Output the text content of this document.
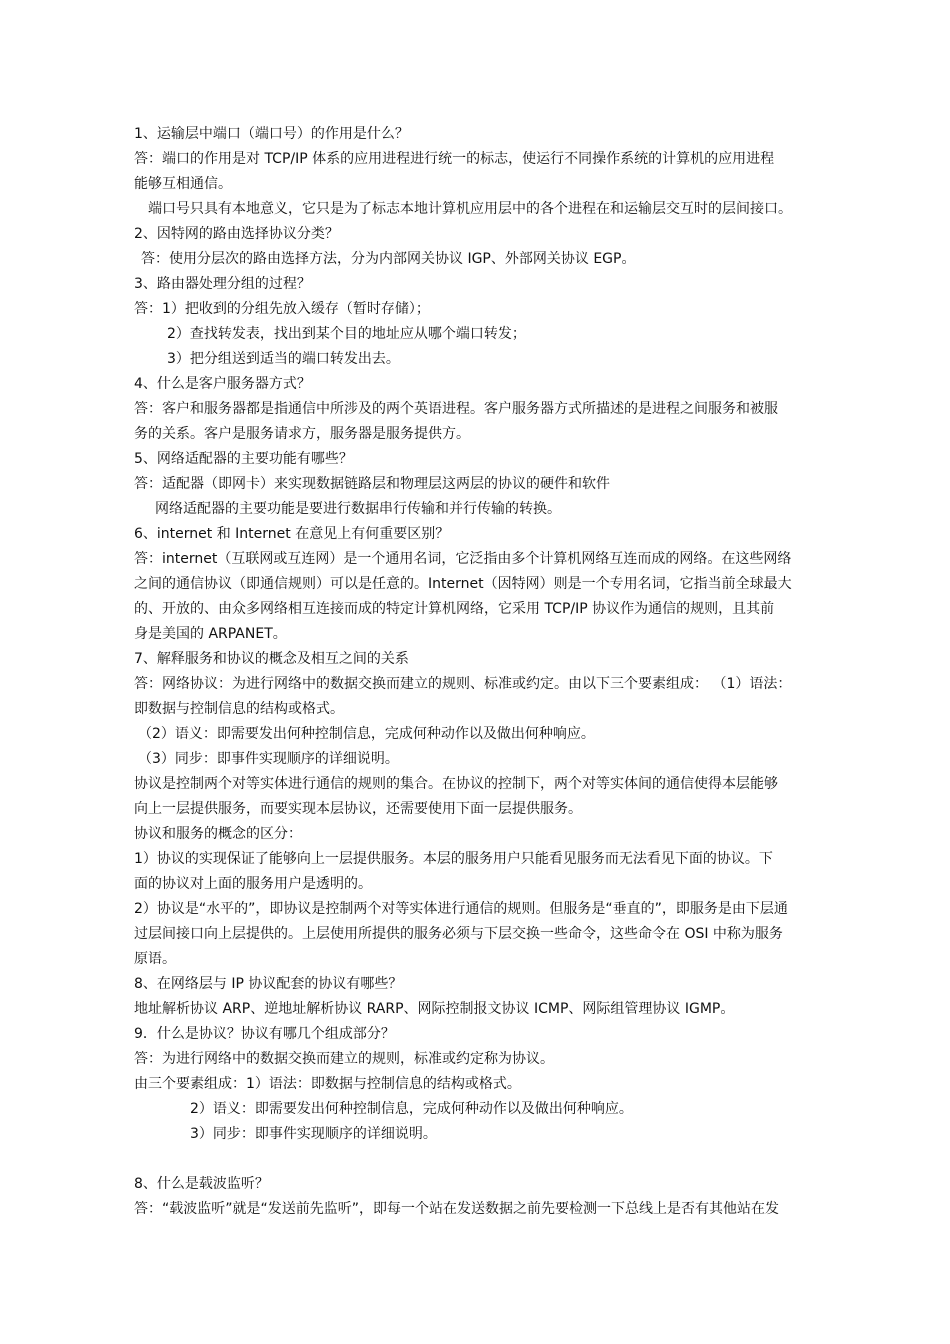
1、运输层中端口（端口号）的作用是什么？
答：端口的作用是对 TCP/IP 体系的应用进程进行统一的标志，使运行不同操作系统的计算机的应用进程
能够互相通信。
端口号只具有本地意义，它只是为了标志本地计算机应用层中的各个进程在和运输层交互时的层间接口。
2、因特网的路由选择协议分类？
答：使用分层次的路由选择方法，分为内部网关协议 IGP、外部网关协议 EGP。
3、路由器处理分组的过程？
答：1）把收到的分组先放入缓存（暂时存储）；
2）查找转发表，找出到某个目的地址应从哪个端口转发；
3）把分组送到适当的端口转发出去。
4、什么是客户服务器方式？
答：客户和服务器都是指通信中所涉及的两个英语进程。客户服务器方式所描述的是进程之间服务和被服
务的关系。客户是服务请求方，服务器是服务提供方。
5、网络适配器的主要功能有哪些？
答：适配器（即网卡）来实现数据链路层和物理层这两层的协议的硬件和软件
网络适配器的主要功能是要进行数据串行传输和并行传输的转换。
6、internet 和 Internet 在意见上有何重要区别？
答：internet（互联网或互连网）是一个通用名词，它泛指由多个计算机网络互连而成的网络。在这些网络
之间的通信协议（即通信规则）可以是任意的。Internet（因特网）则是一个专用名词，它指当前全球最大
的、开放的、由众多网络相互连接而成的特定计算机网络，它采用 TCP/IP 协议作为通信的规则，且其前
身是美国的 ARPANET。
7、解释服务和协议的概念及相互之间的关系
答：网络协议：为进行网络中的数据交换而建立的规则、标准或约定。由以下三个要素组成： （1）语法：
即数据与控制信息的结构或格式。
（2）语义：即需要发出何种控制信息，完成何种动作以及做出何种响应。
（3）同步：即事件实现顺序的详细说明。
协议是控制两个对等实体进行通信的规则的集合。在协议的控制下，两个对等实体间的通信使得本层能够
向上一层提供服务，而要实现本层协议，还需要使用下面一层提供服务。
协议和服务的概念的区分：
1）协议的实现保证了能够向上一层提供服务。本层的服务用户只能看见服务而无法看见下面的协议。下
面的协议对上面的服务用户是透明的。
2）协议是“水平的”，即协议是控制两个对等实体进行通信的规则。但服务是“垂直的”，即服务是由下层通
过层间接口向上层提供的。上层使用所提供的服务必须与下层交换一些命令，这些命令在 OSI 中称为服务
原语。
8、在网络层与 IP 协议配套的协议有哪些？
地址解析协议 ARP、逆地址解析协议 RARP、网际控制报文协议 ICMP、网际组管理协议 IGMP。
9．什么是协议？协议有哪几个组成部分？
答：为进行网络中的数据交换而建立的规则，标准或约定称为协议。
由三个要素组成：1）语法：即数据与控制信息的结构或格式。
2）语义：即需要发出何种控制信息，完成何种动作以及做出何种响应。
3）同步：即事件实现顺序的详细说明。
8、什么是载波监听？
答：“载波监听”就是“发送前先监听”，即每一个站在发送数据之前先要检测一下总线上是否有其他站在发
